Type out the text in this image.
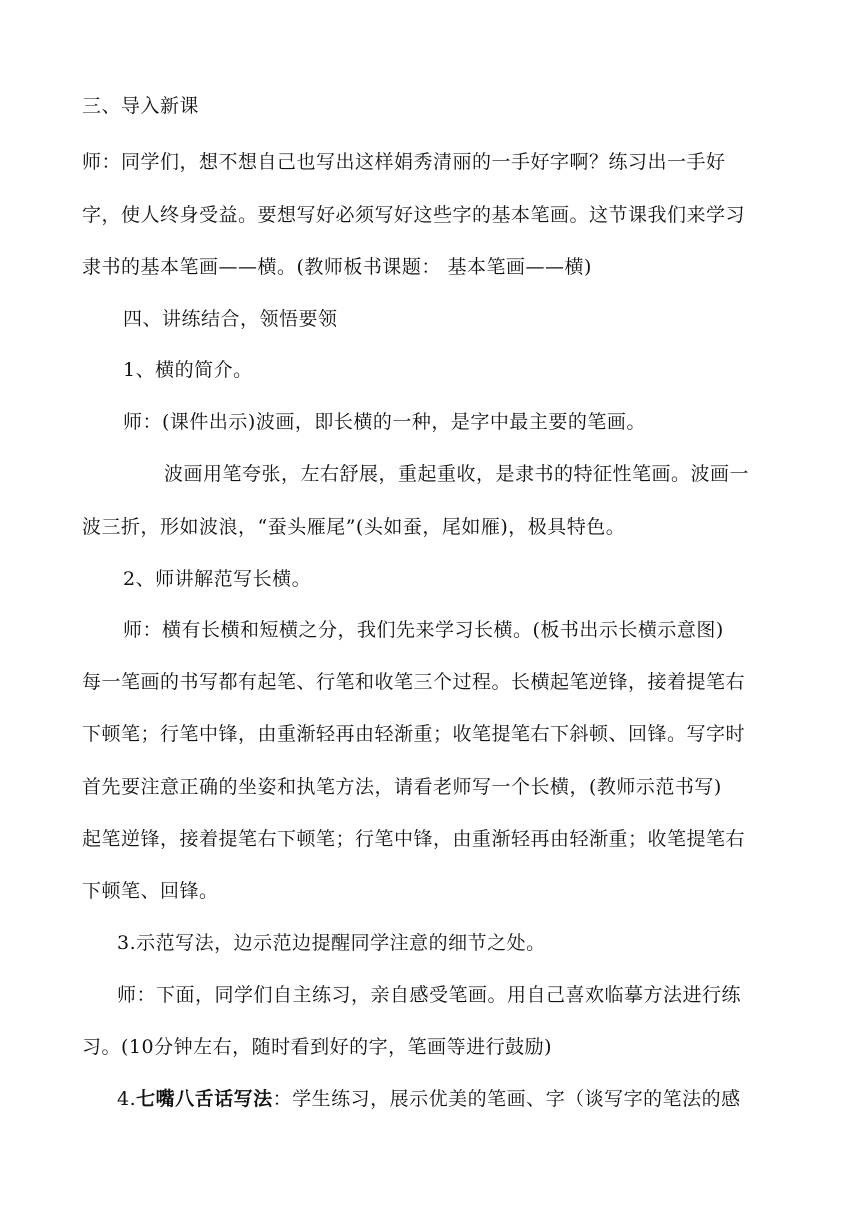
三、导入新课
师：同学们，想不想自己也写出这样娟秀清丽的一手好字啊？练习出一手好
字，使人终身受益。要想写好必须写好这些字的基本笔画。这节课我们来学习
隶书的基本笔画——横。(教师板书课题： 基本笔画——横)
四、讲练结合，领悟要领
1、横的简介。
师：(课件出示)波画，即长横的一种，是字中最主要的笔画。
波画用笔夸张，左右舒展，重起重收，是隶书的特征性笔画。波画一
波三折，形如波浪，“蚕头雁尾”(头如蚕，尾如雁)，极具特色。
2、师讲解范写长横。
师：横有长横和短横之分，我们先来学习长横。(板书出示长横示意图)
每一笔画的书写都有起笔、行笔和收笔三个过程。长横起笔逆锋，接着提笔右
下顿笔；行笔中锋，由重渐轻再由轻渐重；收笔提笔右下斜顿、回锋。写字时
首先要注意正确的坐姿和执笔方法，请看老师写一个长横，(教师示范书写)
起笔逆锋，接着提笔右下顿笔；行笔中锋，由重渐轻再由轻渐重；收笔提笔右
下顿笔、回锋。
3.示范写法，边示范边提醒同学注意的细节之处。
师：下面，同学们自主练习，亲自感受笔画。用自己喜欢临摹方法进行练
习。(10分钟左右，随时看到好的字，笔画等进行鼓励)
4.七嘴八舌话写法：学生练习，展示优美的笔画、字（谈写字的笔法的感
